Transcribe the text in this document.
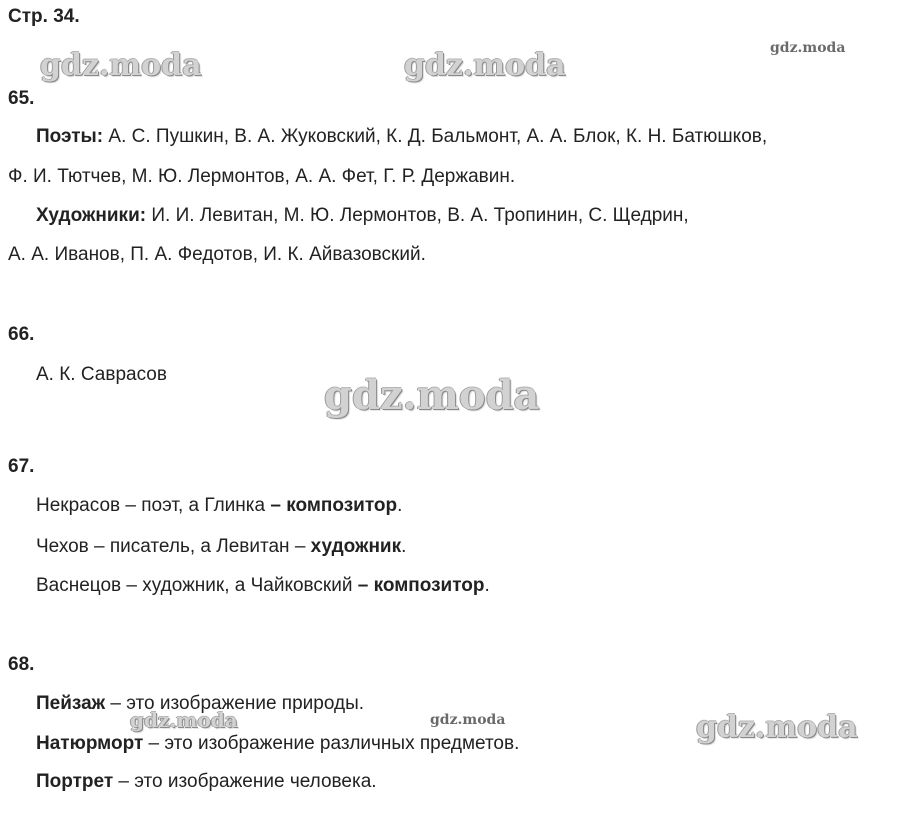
Стр. 34.
gdz.moda	gdz.moda	gdz.moda
gdz.moda
gdz.moda	gdz.moda	gdz.moda
65.
Поэты: А. С. Пушкин, В. А. Жуковский, К. Д. Бальмонт, А. А. Блок, К. Н. Батюшков,
Ф. И. Тютчев, М. Ю. Лермонтов, А. А. Фет, Г. Р. Державин.
Художники: И. И. Левитан, М. Ю. Лермонтов, В. А. Тропинин, С. Щедрин,
А. А. Иванов, П. А. Федотов, И. К. Айвазовский.
66.
А. К. Саврасов
67.
Некрасов – поэт, а Глинка – композитор.
Чехов – писатель, а Левитан – художник.
Васнецов – художник, а Чайковский – композитор.
68.
Пейзаж – это изображение природы.
Натюрморт – это изображение различных предметов.
Портрет – это изображение человека.
